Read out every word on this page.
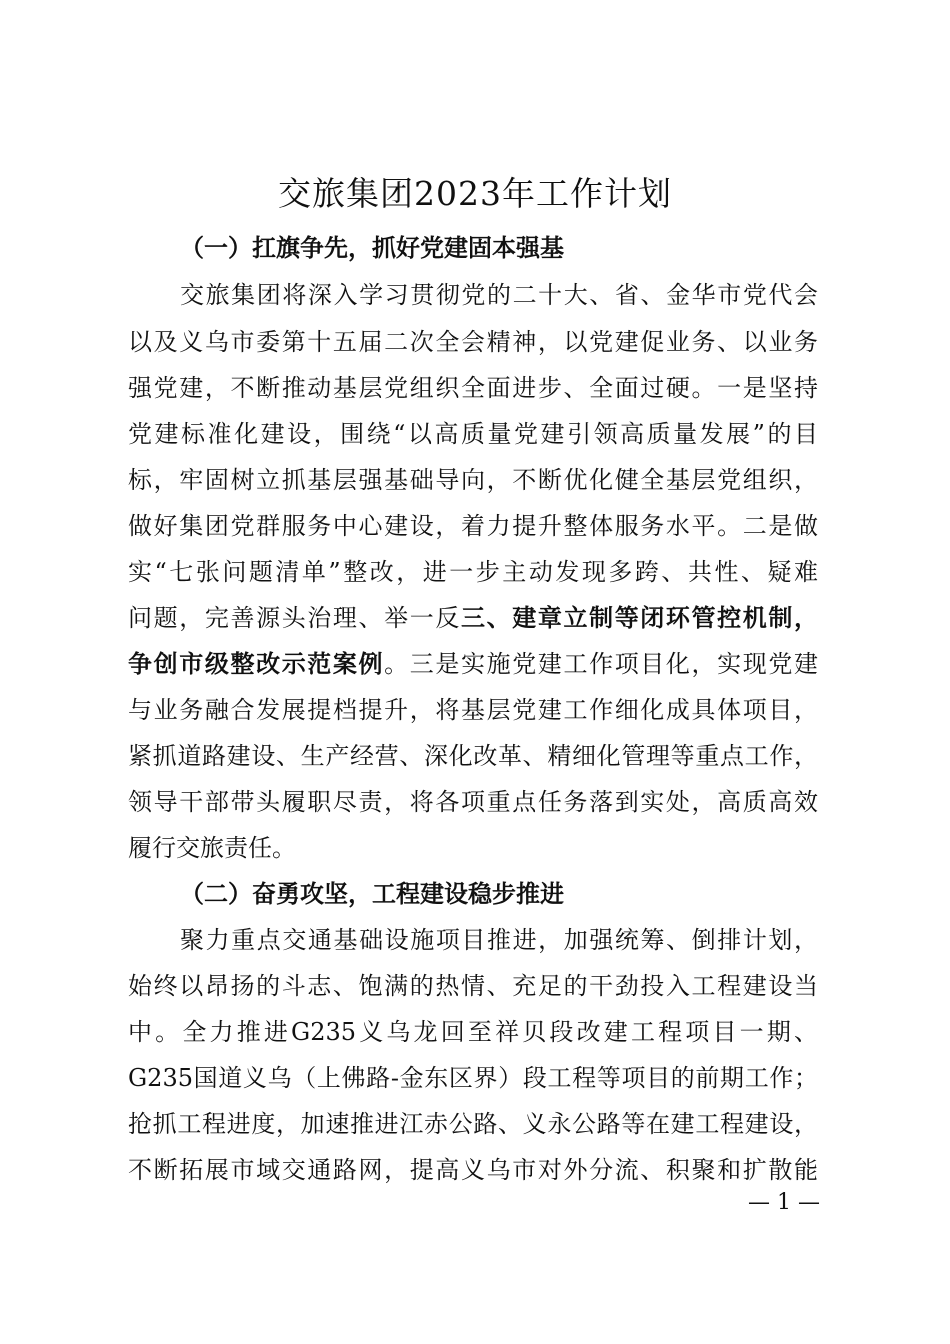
交旅集团2023年工作计划
（一）扛旗争先，抓好党建固本强基
交旅集团将深入学习贯彻党的二十大、省、金华市党代会
以及义乌市委第十五届二次全会精神，以党建促业务、以业务
强党建，不断推动基层党组织全面进步、全面过硬。一是坚持
党建标准化建设，围绕“以高质量党建引领高质量发展”的目
标，牢固树立抓基层强基础导向，不断优化健全基层党组织，
做好集团党群服务中心建设，着力提升整体服务水平。二是做
实“七张问题清单”整改，进一步主动发现多跨、共性、疑难
问题，完善源头治理、举一反三、建章立制等闭环管控机制，
争创市级整改示范案例。三是实施党建工作项目化，实现党建
与业务融合发展提档提升，将基层党建工作细化成具体项目，
紧抓道路建设、生产经营、深化改革、精细化管理等重点工作，
领导干部带头履职尽责，将各项重点任务落到实处，高质高效
履行交旅责任。
（二）奋勇攻坚，工程建设稳步推进
聚力重点交通基础设施项目推进，加强统筹、倒排计划，
始终以昂扬的斗志、饱满的热情、充足的干劲投入工程建设当
中。全力推进G235义乌龙回至祥贝段改建工程项目一期、
G235国道义乌（上佛路-金东区界）段工程等项目的前期工作；
抢抓工程进度，加速推进江赤公路、义永公路等在建工程建设，
不断拓展市域交通路网，提高义乌市对外分流、积聚和扩散能
— 1 —
